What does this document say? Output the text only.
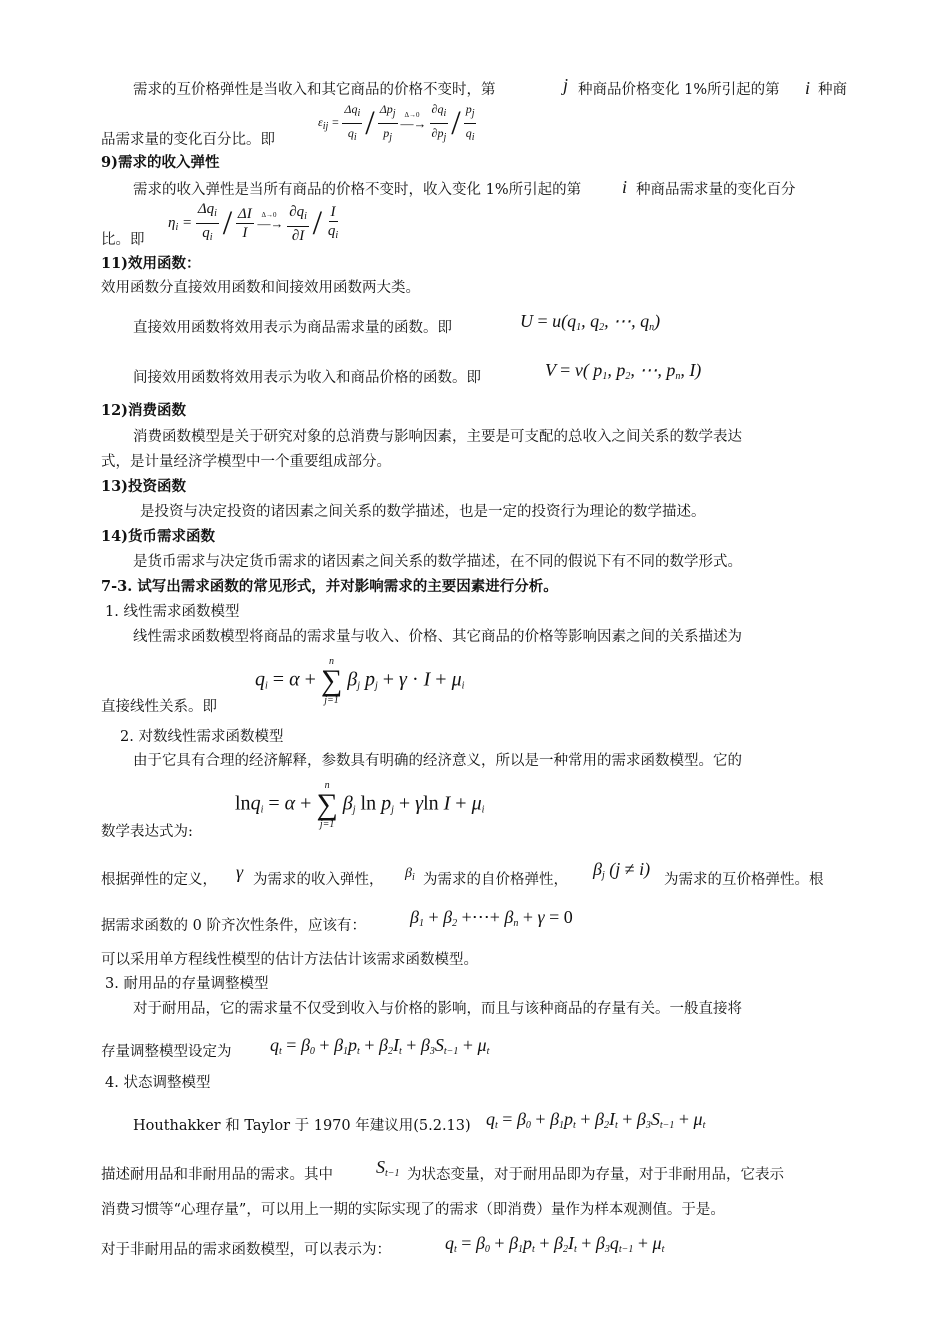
需求的互价格弹性是当收入和其它商品的价格不变时，第	j 种商品价格变化 1%所引起的第 i 种商
品需求量的变化百分比。即
$\varepsilon_{ij} = \frac{\Delta q_i}{q_i} / \frac{\Delta p_j}{p_j}$ —
Δ→0
→ $\frac{\partial q_i}{\partial p_j} / \frac{p_j}{q_i}$
9)需求的收入弹性
需求的收入弹性是当所有商品的价格不变时，收入变化 1%所引起的第 i 种商品需求量的变化百分
比。即
$\eta_i = \frac{\Delta q_i}{q_i} / \frac{\Delta I}{I}$ —
Δ→0
→ $\frac{\partial q_i}{\partial I} / \frac{I}{q_i}$
11)效用函数：
效用函数分直接效用函数和间接效用函数两大类。
直接效用函数将效用表示为商品需求量的函数。即	$U = u(q_1$, $q_2$, ⋯, $q_n$)
间接效用函数将效用表示为收入和商品价格的函数。即	V = v( $p_1$, $p_2$, ⋯, $p_n$, I)
12)消费函数
消费函数模型是关于研究对象的总消费与影响因素，主要是可支配的总收入之间关系的数学表达
式，是计量经济学模型中一个重要组成部分。
13)投资函数
是投资与决定投资的诸因素之间关系的数学描述，也是一定的投资行为理论的数学描述。
14)货币需求函数
是货币需求与决定货币需求的诸因素之间关系的数学描述，在不同的假说下有不同的数学形式。
7-3. 试写出需求函数的常见形式，并对影响需求的主要因素进行分析。
1. 线性需求函数模型
线性需求函数模型将商品的需求量与收入、价格、其它商品的价格等影响因素之间的关系描述为
$q_i = \alpha$ +
n
∑
j=1
$\beta_j$ $p_j + \gamma \cdot I + \mu_i$
直接线性关系。即
2. 对数线性需求函数模型
由于它具有合理的经济解释，参数具有明确的经济意义，所以是一种常用的需求函数模型。它的
lnq$_i$ = α +
n
∑
j=1
$\beta_j$ $\ln p_j + \gamma\ln$ $I + \mu_i$
数学表达式为:
根据弹性的定义， γ 为需求的收入弹性， $\beta_i$ 为需求的自价格弹性，
$\beta_j$ (j ≠ i)
为需求的互价格弹性。根
据需求函数的 0 阶齐次性条件，应该有： $\beta_1 + \beta_2$ +⋯+ $\beta_n + \gamma = 0$
可以采用单方程线性模型的估计方法估计该需求函数模型。
3. 耐用品的存量调整模型
对于耐用品，它的需求量不仅受到收入与价格的影响，而且与该种商品的存量有关。一般直接将
存量调整模型设定为 $q_t = \beta_0 + \beta_1p_t + \beta_2I_t + \beta_3S_{t-1} + \mu_t$
4. 状态调整模型
Houthakker 和 Taylor 于 1970 年建议用(5.2.13) $q_t = \beta_0 + \beta_1p_t + \beta_2I_t + \beta_3S_{t-1} + \mu_t$
描述耐用品和非耐用品的需求。其中 $S_{t-1}$ 为状态变量，对于耐用品即为存量，对于非耐用品，它表示
消费习惯等“心理存量”，可以用上一期的实际实现了的需求（即消费）量作为样本观测值。于是。
对于非耐用品的需求函数模型，可以表示为：	$q_t = \beta_0 + \beta_1p_t + \beta_2I_t + \beta_3q_{t-1} + \mu_t$
